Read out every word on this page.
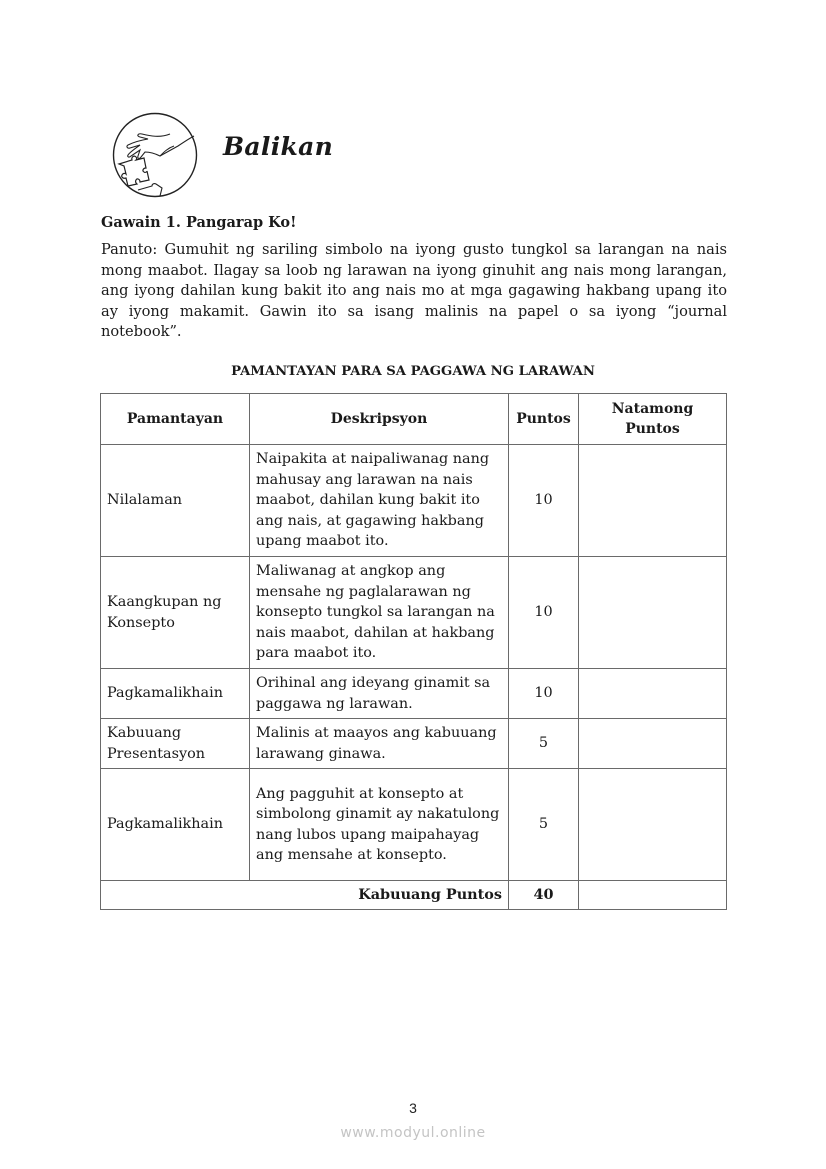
Balikan
Gawain 1. Pangarap Ko!
Panuto: Gumuhit ng sariling simbolo na iyong gusto tungkol sa larangan na nais mong maabot. Ilagay sa loob ng larawan na iyong ginuhit ang nais mong larangan, ang iyong dahilan kung bakit ito ang nais mo at mga gagawing hakbang upang ito ay iyong makamit. Gawin ito sa isang malinis na papel o sa iyong “journal notebook”.
PAMANTAYAN PARA SA PAGGAWA NG LARAWAN
Pamantayan	Deskripsyon	Puntos	Natamong Puntos
Nilalaman	Naipakita at naipaliwanag nang mahusay ang larawan na nais maabot, dahilan kung bakit ito ang nais, at gagawing hakbang upang maabot ito.	10	
Kaangkupan ng Konsepto	Maliwanag at angkop ang mensahe ng paglalarawan ng konsepto tungkol sa larangan na nais maabot, dahilan at hakbang para maabot ito.	10	
Pagkamalikhain	Orihinal ang ideyang ginamit sa paggawa ng larawan.	10	
Kabuuang Presentasyon	Malinis at maayos ang kabuuang larawang ginawa.	5	
Pagkamalikhain	Ang pagguhit at konsepto at simbolong ginamit ay nakatulong nang lubos upang maipahayag ang mensahe at konsepto.	5	
Kabuuang Puntos		40	
3
www.modyul.online
